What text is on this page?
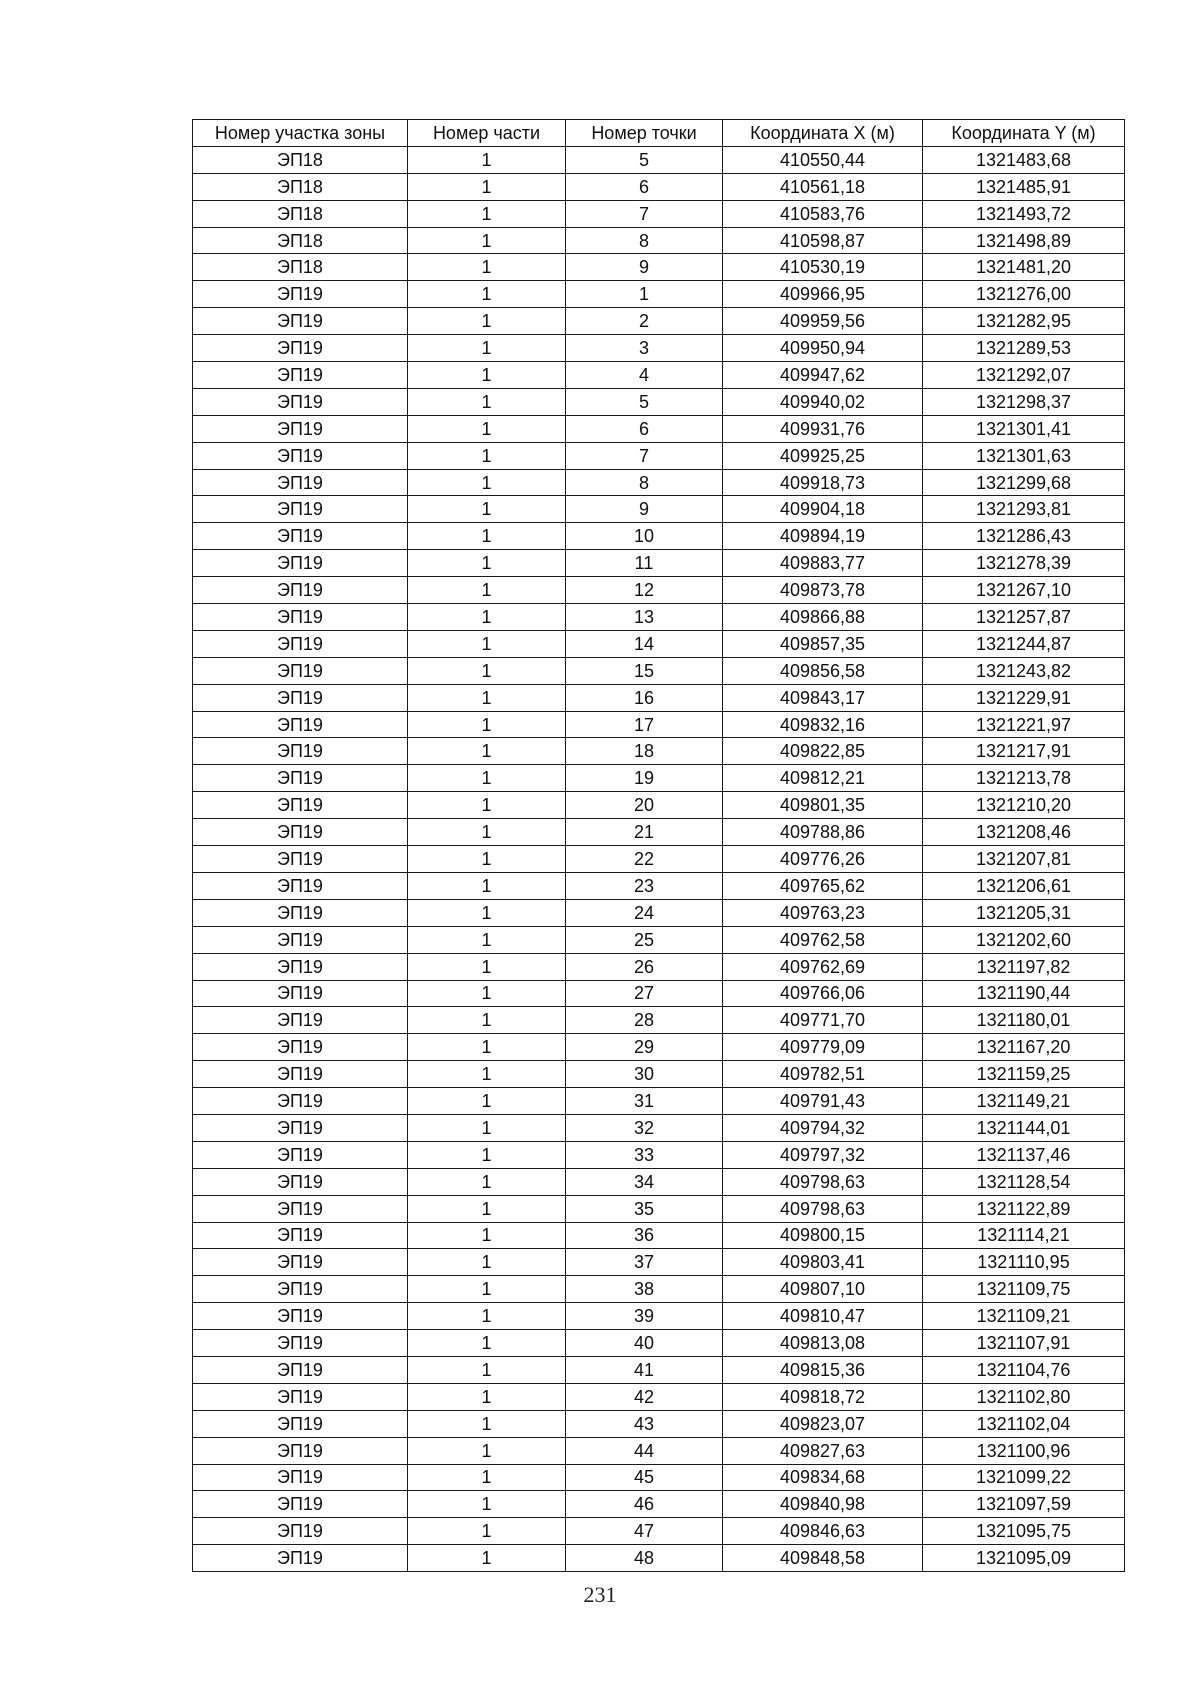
Номер участка зоны	Номер части	Номер точки	Координата X (м)	Координата Y (м)
ЭП18	1	5	410550,44	1321483,68
ЭП18	1	6	410561,18	1321485,91
ЭП18	1	7	410583,76	1321493,72
ЭП18	1	8	410598,87	1321498,89
ЭП18	1	9	410530,19	1321481,20
ЭП19	1	1	409966,95	1321276,00
ЭП19	1	2	409959,56	1321282,95
ЭП19	1	3	409950,94	1321289,53
ЭП19	1	4	409947,62	1321292,07
ЭП19	1	5	409940,02	1321298,37
ЭП19	1	6	409931,76	1321301,41
ЭП19	1	7	409925,25	1321301,63
ЭП19	1	8	409918,73	1321299,68
ЭП19	1	9	409904,18	1321293,81
ЭП19	1	10	409894,19	1321286,43
ЭП19	1	11	409883,77	1321278,39
ЭП19	1	12	409873,78	1321267,10
ЭП19	1	13	409866,88	1321257,87
ЭП19	1	14	409857,35	1321244,87
ЭП19	1	15	409856,58	1321243,82
ЭП19	1	16	409843,17	1321229,91
ЭП19	1	17	409832,16	1321221,97
ЭП19	1	18	409822,85	1321217,91
ЭП19	1	19	409812,21	1321213,78
ЭП19	1	20	409801,35	1321210,20
ЭП19	1	21	409788,86	1321208,46
ЭП19	1	22	409776,26	1321207,81
ЭП19	1	23	409765,62	1321206,61
ЭП19	1	24	409763,23	1321205,31
ЭП19	1	25	409762,58	1321202,60
ЭП19	1	26	409762,69	1321197,82
ЭП19	1	27	409766,06	1321190,44
ЭП19	1	28	409771,70	1321180,01
ЭП19	1	29	409779,09	1321167,20
ЭП19	1	30	409782,51	1321159,25
ЭП19	1	31	409791,43	1321149,21
ЭП19	1	32	409794,32	1321144,01
ЭП19	1	33	409797,32	1321137,46
ЭП19	1	34	409798,63	1321128,54
ЭП19	1	35	409798,63	1321122,89
ЭП19	1	36	409800,15	1321114,21
ЭП19	1	37	409803,41	1321110,95
ЭП19	1	38	409807,10	1321109,75
ЭП19	1	39	409810,47	1321109,21
ЭП19	1	40	409813,08	1321107,91
ЭП19	1	41	409815,36	1321104,76
ЭП19	1	42	409818,72	1321102,80
ЭП19	1	43	409823,07	1321102,04
ЭП19	1	44	409827,63	1321100,96
ЭП19	1	45	409834,68	1321099,22
ЭП19	1	46	409840,98	1321097,59
ЭП19	1	47	409846,63	1321095,75
ЭП19	1	48	409848,58	1321095,09
231
